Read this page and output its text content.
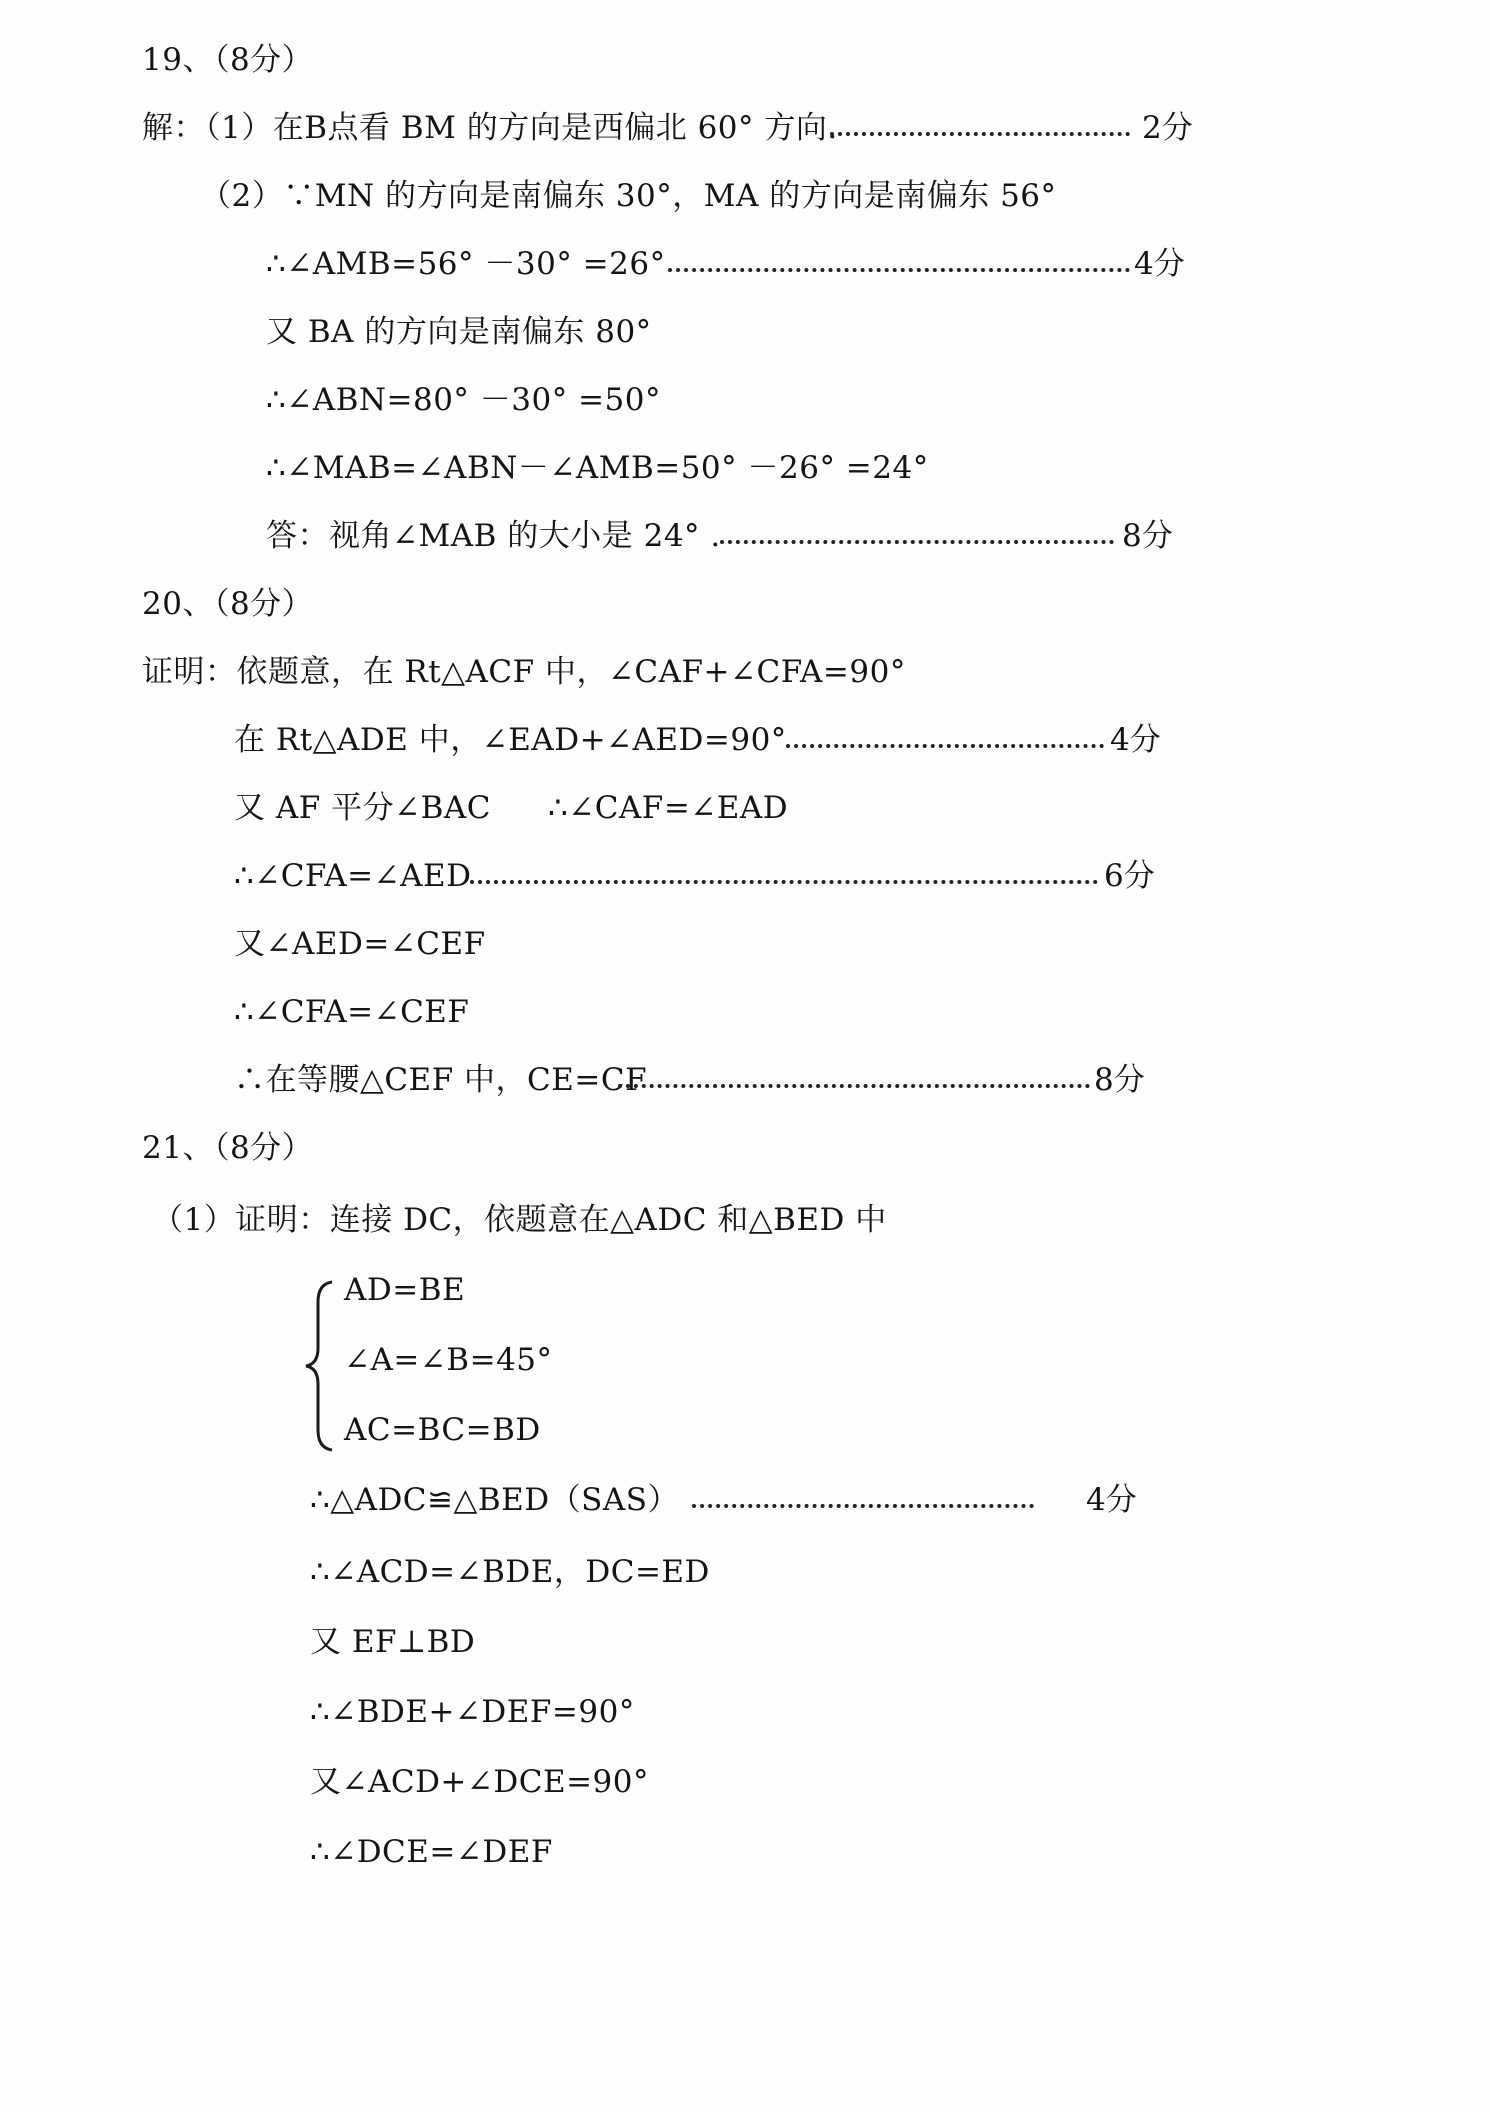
19、（8分）
解：（1）在B点看 BM 的方向是西偏北 60° 方向.	2分
（2）∵MN 的方向是南偏东 30°，MA 的方向是南偏东 56°
∴∠AMB=56° －30° =26°	4分
又 BA 的方向是南偏东 80°
∴∠ABN=80° －30° =50°
∴∠MAB=∠ABN－∠AMB=50° －26° =24°
答：视角∠MAB 的大小是 24° .	8分
20、（8分）
证明：依题意，在 Rt△ACF 中，∠CAF+∠CFA=90°
在 Rt△ADE 中，∠EAD+∠AED=90°	4分
又 AF 平分∠BAC ∴∠CAF=∠EAD
∴∠CFA=∠AED	6分
又∠AED=∠CEF
∴∠CFA=∠CEF
∴在等腰△CEF 中，CE=CF	8分
21、（8分）
（1）证明：连接 DC，依题意在△ADC 和△BED 中
AD=BE
∠A=∠B=45°
AC=BC=BD
∴△ADC≌△BED（SAS）	4分
∴∠ACD=∠BDE，DC=ED
又 EF⊥BD
∴∠BDE+∠DEF=90°
又∠ACD+∠DCE=90°
∴∠DCE=∠DEF
